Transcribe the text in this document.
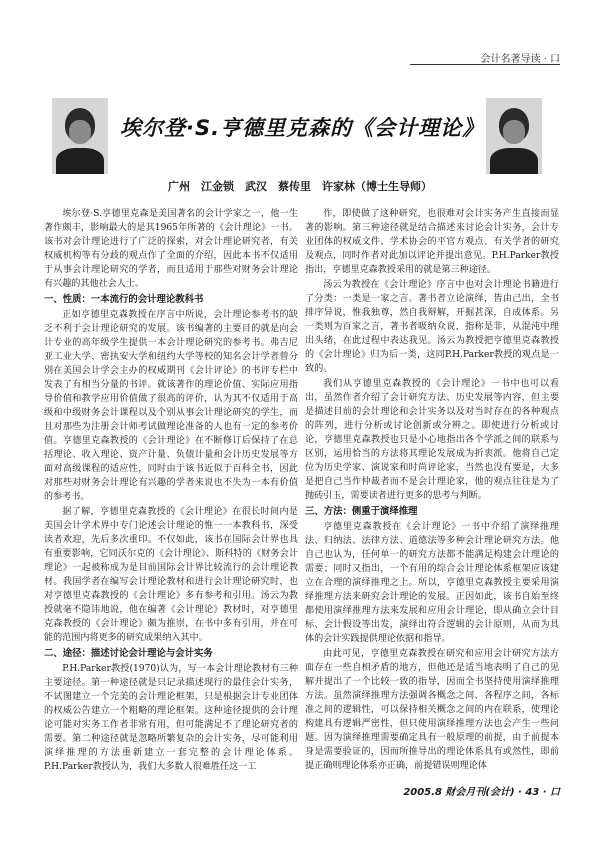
会计名著导读 · 口
埃尔登·S.亨德里克森的《会计理论》
广州　江金锁　武汉　蔡传里　许家林（博士生导师）

埃尔登·S.亨德里克森是美国著名的会计学家之一，他一生著作颇丰，影响最大的是其1965年所著的《会计理论》一书。该书对会计理论进行了广泛的探索，对会计理论研究者，有关权威机构等有分歧的观点作了全面的介绍，因此本书不仅适用于从事会计理论研究的学者，而且适用于那些对财务会计理论有兴趣的其他社会人士。

一、性质：一本流行的会计理论教科书

正如亨德里克森教授在序言中所说，会计理论参考书的缺乏不利于会计理论研究的发展。该书编著的主要目的就是向会计专业的高年级学生提供一本会计理论研究的参考书。弗吉尼亚工业大学、密执安大学和纽约大学等校的知名会计学者曾分别在美国会计学会主办的权威期刊《会计评论》的书评专栏中发表了有相当分量的书评。就该著作的理论价值、实际应用指导价值和教学应用价值做了很高的评价，认为其不仅适用于高级和中级财务会计课程以及个别从事会计理论研究的学生，而且对那些为注册会计师考试做理论准备的人也有一定的参考价值。亨德里克森教授的《会计理论》在不断修订后保持了在总括理论、收入理论、资产计量、负债计量和会计历史发展等方面对高级课程的适应性，同时由于该书近似于百科全书，因此对那些对财务会计理论有兴趣的学者来说也不失为一本有价值的参考书。

据了解，亨德里克森教授的《会计理论》在很长时间内是美国会计学术界中专门论述会计理论的惟一一本教科书，深受读者欢迎，先后多次重印。不仅如此，该书在国际会计界也具有重要影响，它同沃尔克的《会计理论》、斯科特的《财务会计理论》一起被称成为是目前国际会计界比较流行的会计理论教材。我国学者在编写会计理论教材和进行会计理论研究时，也对亨德里克森教授的《会计理论》多有参考和引用。汤云为教授就毫不隐讳地说，他在编著《会计理论》教材时，对亨德里克森教授的《会计理论》颇为推崇，在书中多有引用，并在可能的范围内将更多的研究成果纳入其中。

二、途径：描述讨论会计理论与会计实务

P.H.Parker教授(1970)认为，写一本会计理论教材有三种主要途径。第一种途径就是只记录描述现行的最佳会计实务，不试图建立一个完美的会计理论框架，只是根据会计专业团体的权威公告建立一个粗略的理论框架。这种途径提供的会计理论可能对实务工作者非常有用，但可能满足不了理论研究者的需要。第二种途径就是忽略所繁复杂的会计实务，尽可能利用演绎推理的方法重新建立一套完整的会计理论体系。P.H.Parker教授认为，我们大多数人很难胜任这一工

作，即使做了这种研究，也很难对会计实务产生直接而显著的影响。第三种途径就是结合描述来讨论会计实务，会计专业团体的权威文件、学术协会的平官方观点、有关学者的研究及观点，同时作者对此加以评论并提出意见。P.H.Parker教授指出，亨德里克森教授采用的就是第三种途径。

汤云为教授在《会计理论》序言中也对会计理论书籍进行了分类：一类是一家之言。著书者立论演绎，皆由己出，全书排序异说，惟我独尊，然自我辩解，开掘甚深，自成体系。另一类则为百家之言，著书者吸纳众说，指称是非，从混沌中理出头绪，在此过程中表达我见。汤云为教授把亨德里克森教授的《会计理论》归为后一类，这同P.H.Parker教授的观点是一致的。

我们从亨德里克森教授的《会计理论》一书中也可以看出，虽然作者介绍了会计研究方法、历史发展等内容，但主要是描述目前的会计理论和会计实务以及对当时存在的各种观点的阵列，进行分析或讨论创新或分辨之。即使进行分析或讨论，亨德里克森教授也只是小心地指出各个学派之间的联系与区别，运用恰当的方法将其理论发展成为折衷派。他将自己定位为历史学家、演说家和时尚评论家，当然也没有要是，大多是把自己当作仲裁者而不是会计理论家，他的观点往往是为了抛砖引玉，需要读者进行更多的思考与判断。

三、方法：侧重于演绎推理

亨德里克森教授在《会计理论》一书中介绍了演绎推理法、归纳法、法律方法、道德法等多种会计理论研究方法。他自己也认为，任何单一的研究方法都不能满足构建会计理论的需要；同时又指出，一个有用的综合会计理论体系框架应该建立在合理的演绎推理之上。所以，亨德里克森教授主要采用演绎推理方法来研究会计理论的发展。正因如此，该书自始至终都使用演绎推理方法来发展和应用会计理论，即从确立会计目标、会计假设等出发，演绎出符合逻辑的会计原则，从而为具体的会计实践提供理论依据和指导。

由此可见，亨德里克森教授在研究和应用会计研究方法方面存在一些自相矛盾的地方，但他还是适当地表明了自己的见解并提出了一个比较一致的指导，因而全书坚持使用演绎推理方法。虽然演绎推理方法强调各概念之间、各程序之间，各标准之间的逻辑性，可以保持相关概念之间的内在联系，使理论构建具有逻辑严密性，但只使用演绎推理方法也会产生一些问题。因为演绎推理需要确定具有一般原理的前提，由于前提本身是需要验证的，因而所推导出的理论体系具有或然性，即前提正确则理论体系亦正确，前提错误则理论体

2005.8 财会月刊(会计) · 43 · 口
